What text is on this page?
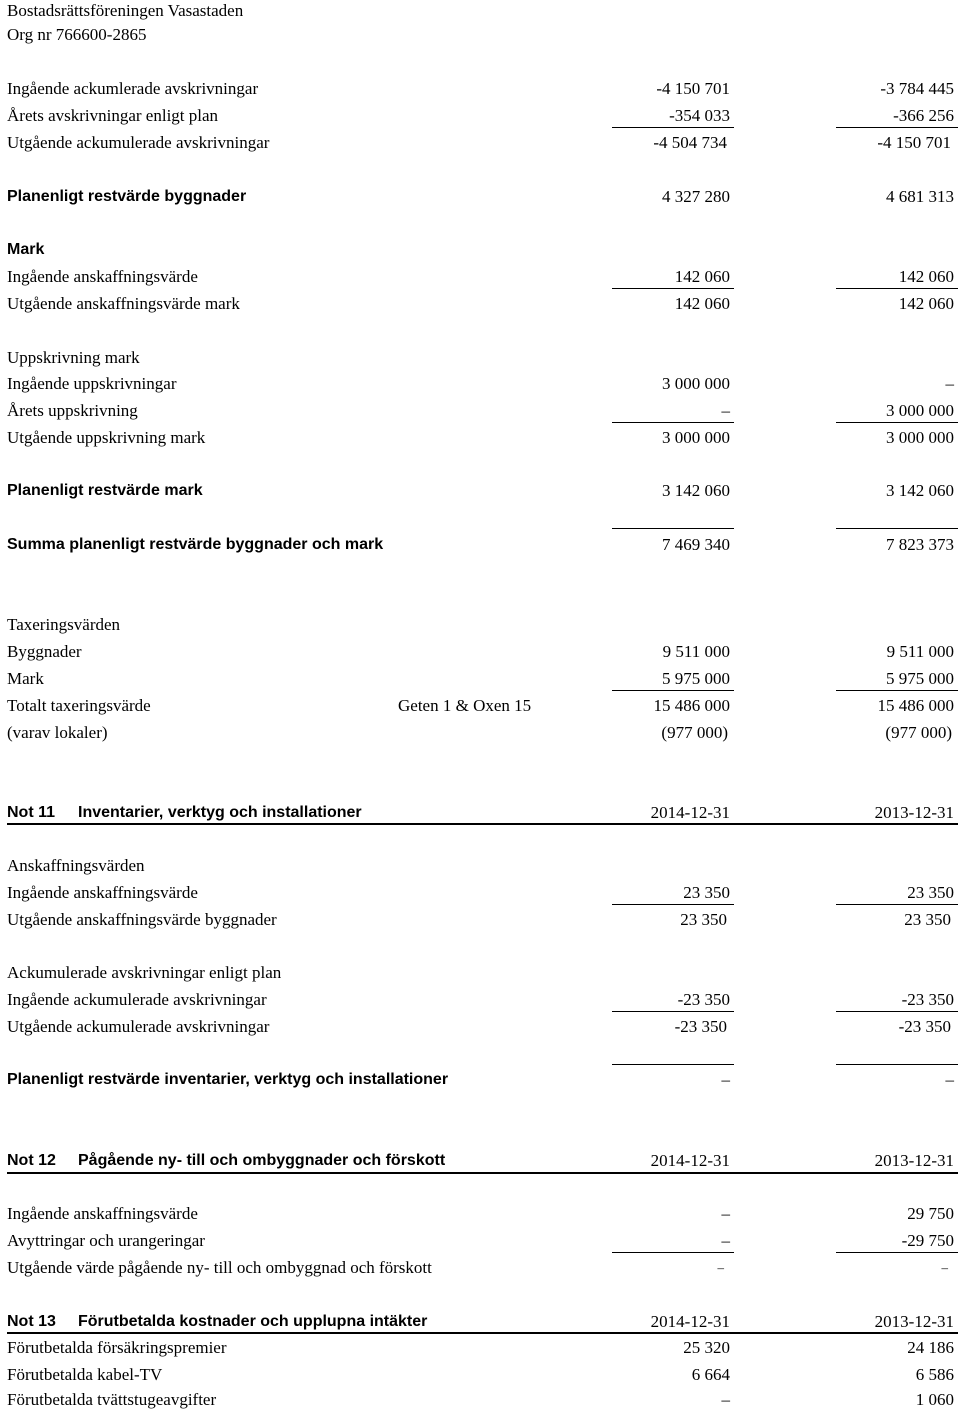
Bostadsrättsföreningen Vasastaden
Org nr 766600-2865
Ingående ackumlerade avskrivningar	-4 150 701	-3 784 445
Årets avskrivningar enligt plan	-354 033	-366 256
Utgående ackumulerade avskrivningar	-4 504 734	-4 150 701
Planenligt restvärde byggnader	4 327 280	4 681 313
Mark
Ingående anskaffningsvärde	142 060	142 060
Utgående anskaffningsvärde mark	142 060	142 060
Uppskrivning mark
Ingående uppskrivningar	3 000 000	–
Årets uppskrivning	–	3 000 000
Utgående uppskrivning mark	3 000 000	3 000 000
Planenligt restvärde mark	3 142 060	3 142 060
Summa planenligt restvärde byggnader och mark	7 469 340	7 823 373
Taxeringsvärden
Byggnader	9 511 000	9 511 000
Mark	5 975 000	5 975 000
Totalt taxeringsvärde	Geten 1 & Oxen 15	15 486 000	15 486 000
(varav lokaler)	(977 000)	(977 000)
Not 11 Inventarier, verktyg och installationer	2014-12-31	2013-12-31
Anskaffningsvärden
Ingående anskaffningsvärde	23 350	23 350
Utgående anskaffningsvärde byggnader	23 350	23 350
Ackumulerade avskrivningar enligt plan
Ingående ackumulerade avskrivningar	-23 350	-23 350
Utgående ackumulerade avskrivningar	-23 350	-23 350
Planenligt restvärde inventarier, verktyg och installationer	–	–
Not 12 Pågående ny- till och ombyggnader och förskott	2014-12-31	2013-12-31
Ingående anskaffningsvärde	–	29 750
Avyttringar och urangeringar	–	-29 750
Utgående värde pågående ny- till och ombyggnad och förskott	–	–
Not 13 Förutbetalda kostnader och upplupna intäkter	2014-12-31	2013-12-31
Förutbetalda försäkringspremier	25 320	24 186
Förutbetalda kabel-TV	6 664	6 586
Förutbetalda tvättstugeavgifter	–	1 060
